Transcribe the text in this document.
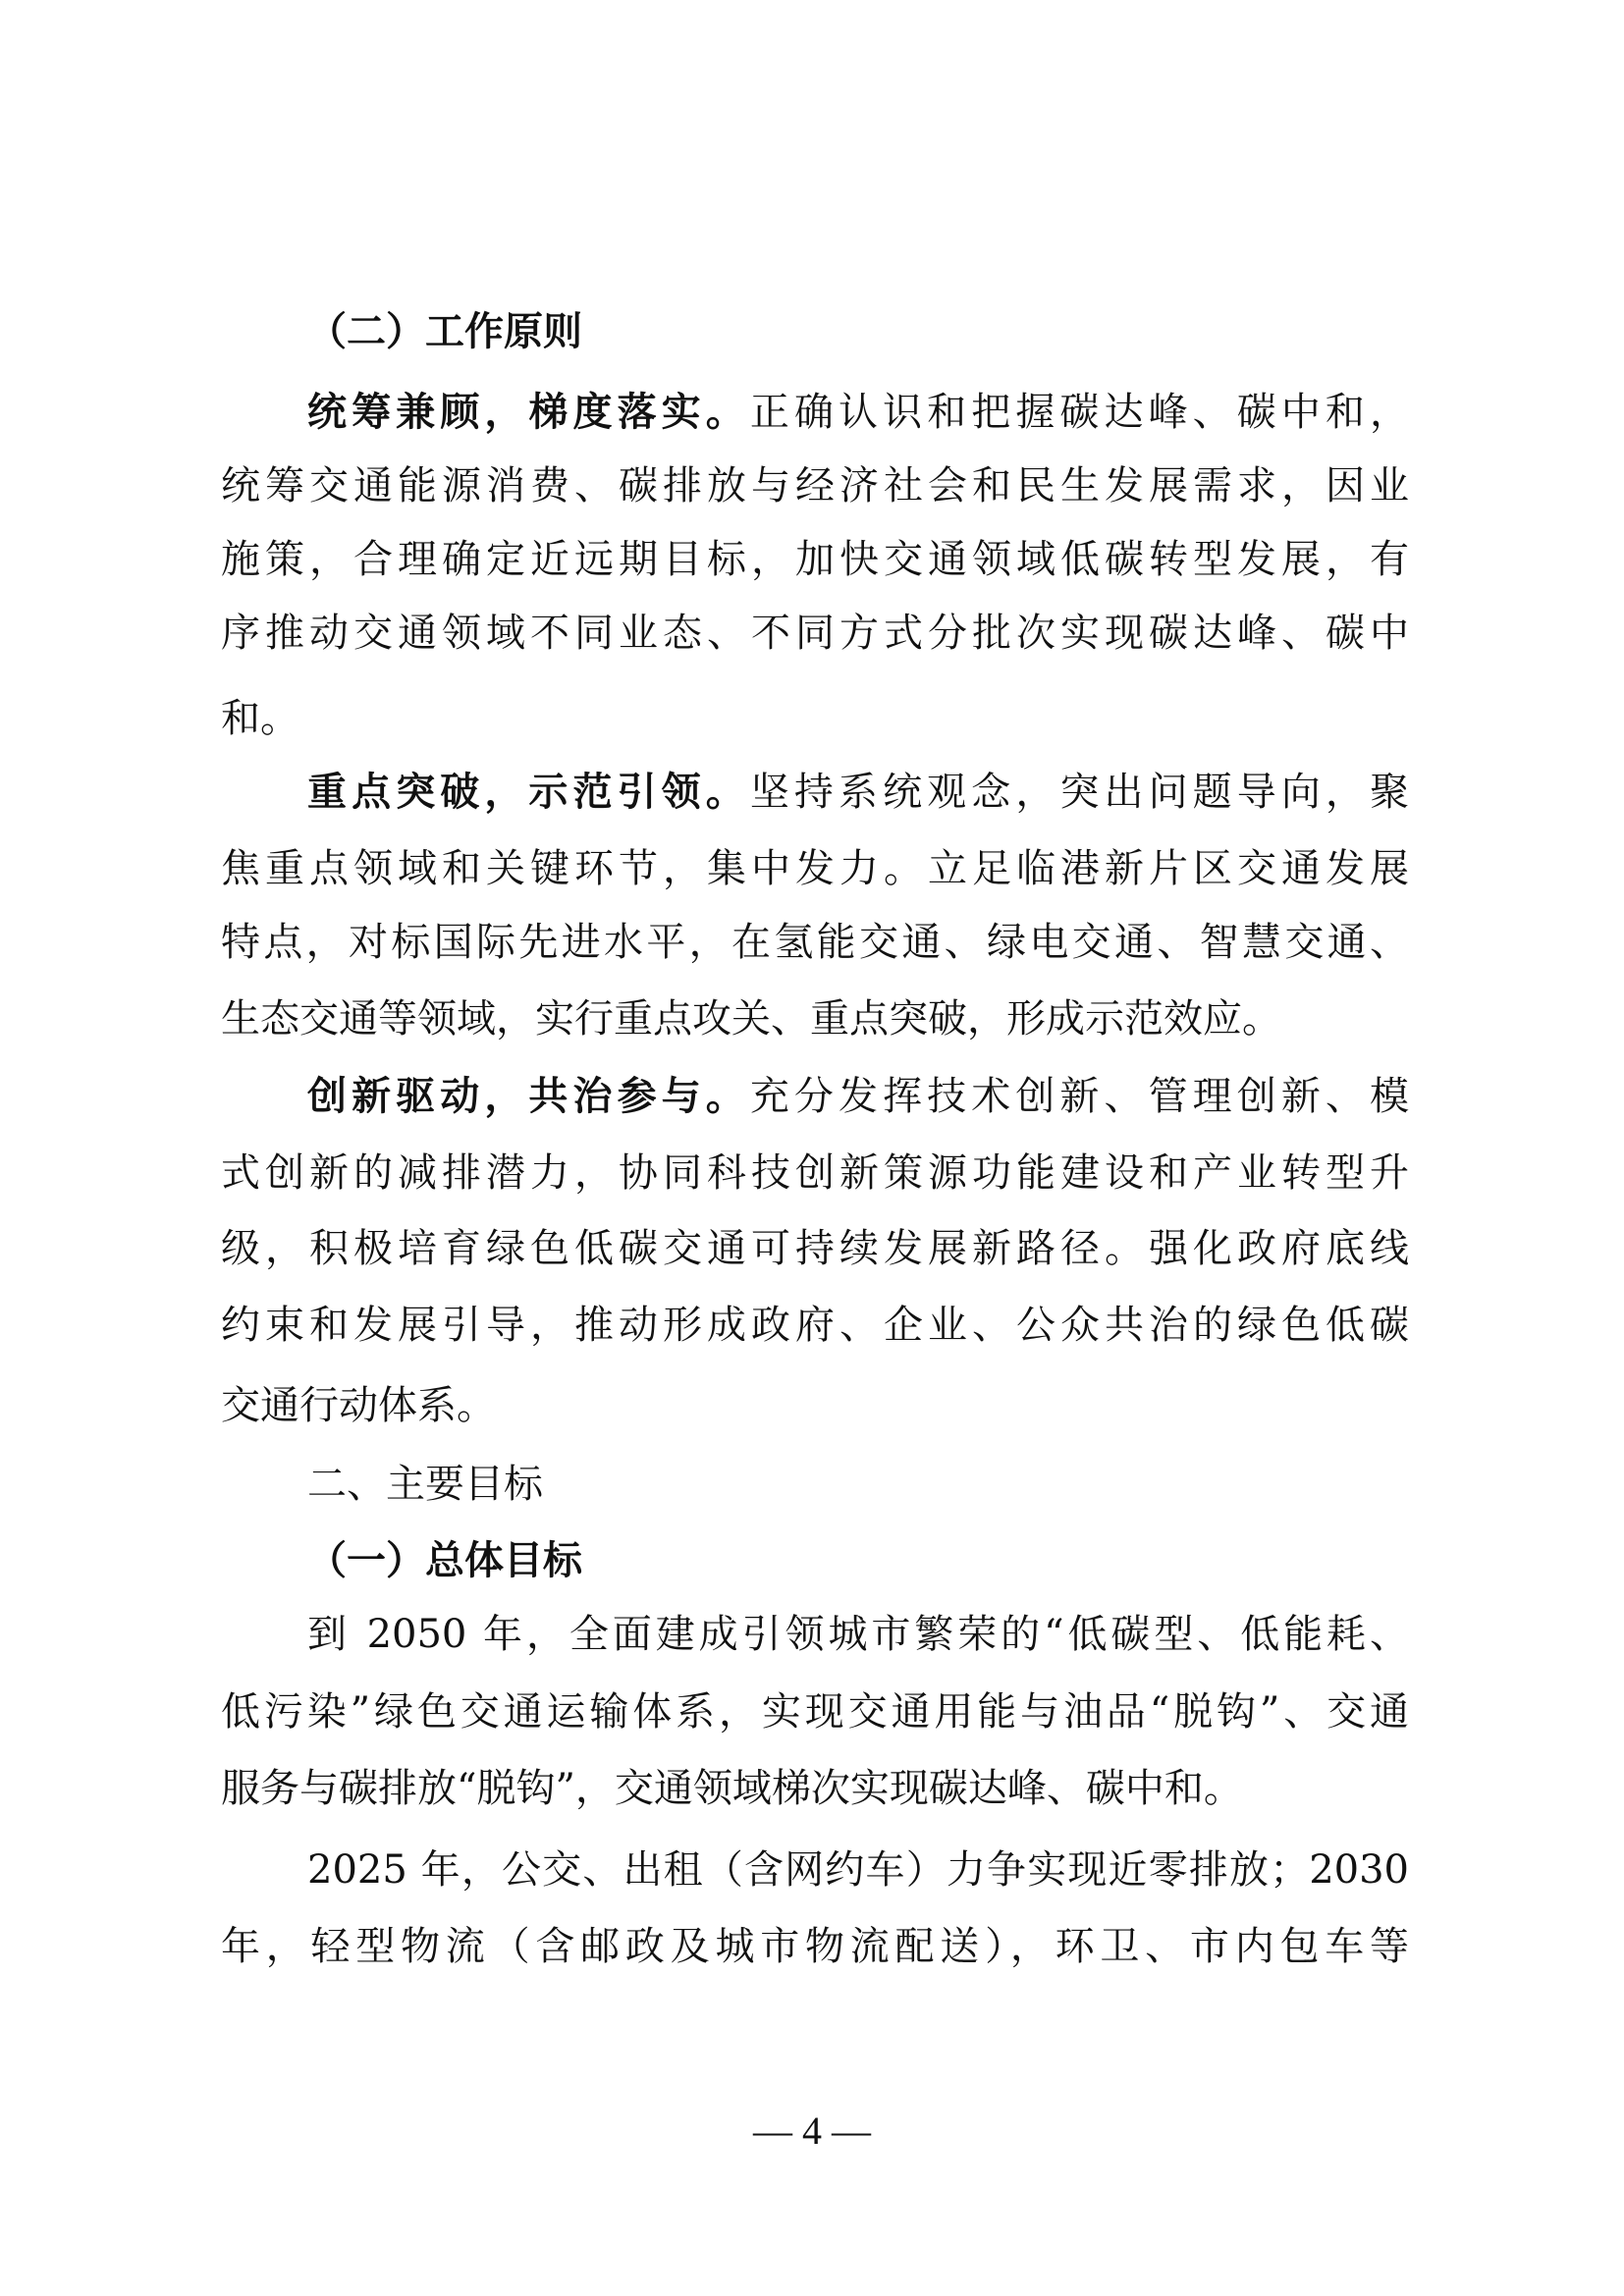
（二）工作原则
统筹兼顾，梯度落实。正确认识和把握碳达峰、碳中和，
统筹交通能源消费、碳排放与经济社会和民生发展需求，因业
施策，合理确定近远期目标，加快交通领域低碳转型发展，有
序推动交通领域不同业态、不同方式分批次实现碳达峰、碳中
和。
重点突破，示范引领。坚持系统观念，突出问题导向，聚
焦重点领域和关键环节，集中发力。立足临港新片区交通发展
特点，对标国际先进水平，在氢能交通、绿电交通、智慧交通、
生态交通等领域，实行重点攻关、重点突破，形成示范效应。
创新驱动，共治参与。充分发挥技术创新、管理创新、模
式创新的减排潜力，协同科技创新策源功能建设和产业转型升
级，积极培育绿色低碳交通可持续发展新路径。强化政府底线
约束和发展引导，推动形成政府、企业、公众共治的绿色低碳
交通行动体系。
二、主要目标
（一）总体目标
到 2050 年，全面建成引领城市繁荣的“低碳型、低能耗、
低污染”绿色交通运输体系，实现交通用能与油品“脱钩”、交通
服务与碳排放“脱钩”，交通领域梯次实现碳达峰、碳中和。
2025 年，公交、出租（含网约车）力争实现近零排放；2030
年，轻型物流（含邮政及城市物流配送），环卫、市内包车等
— 4 —
